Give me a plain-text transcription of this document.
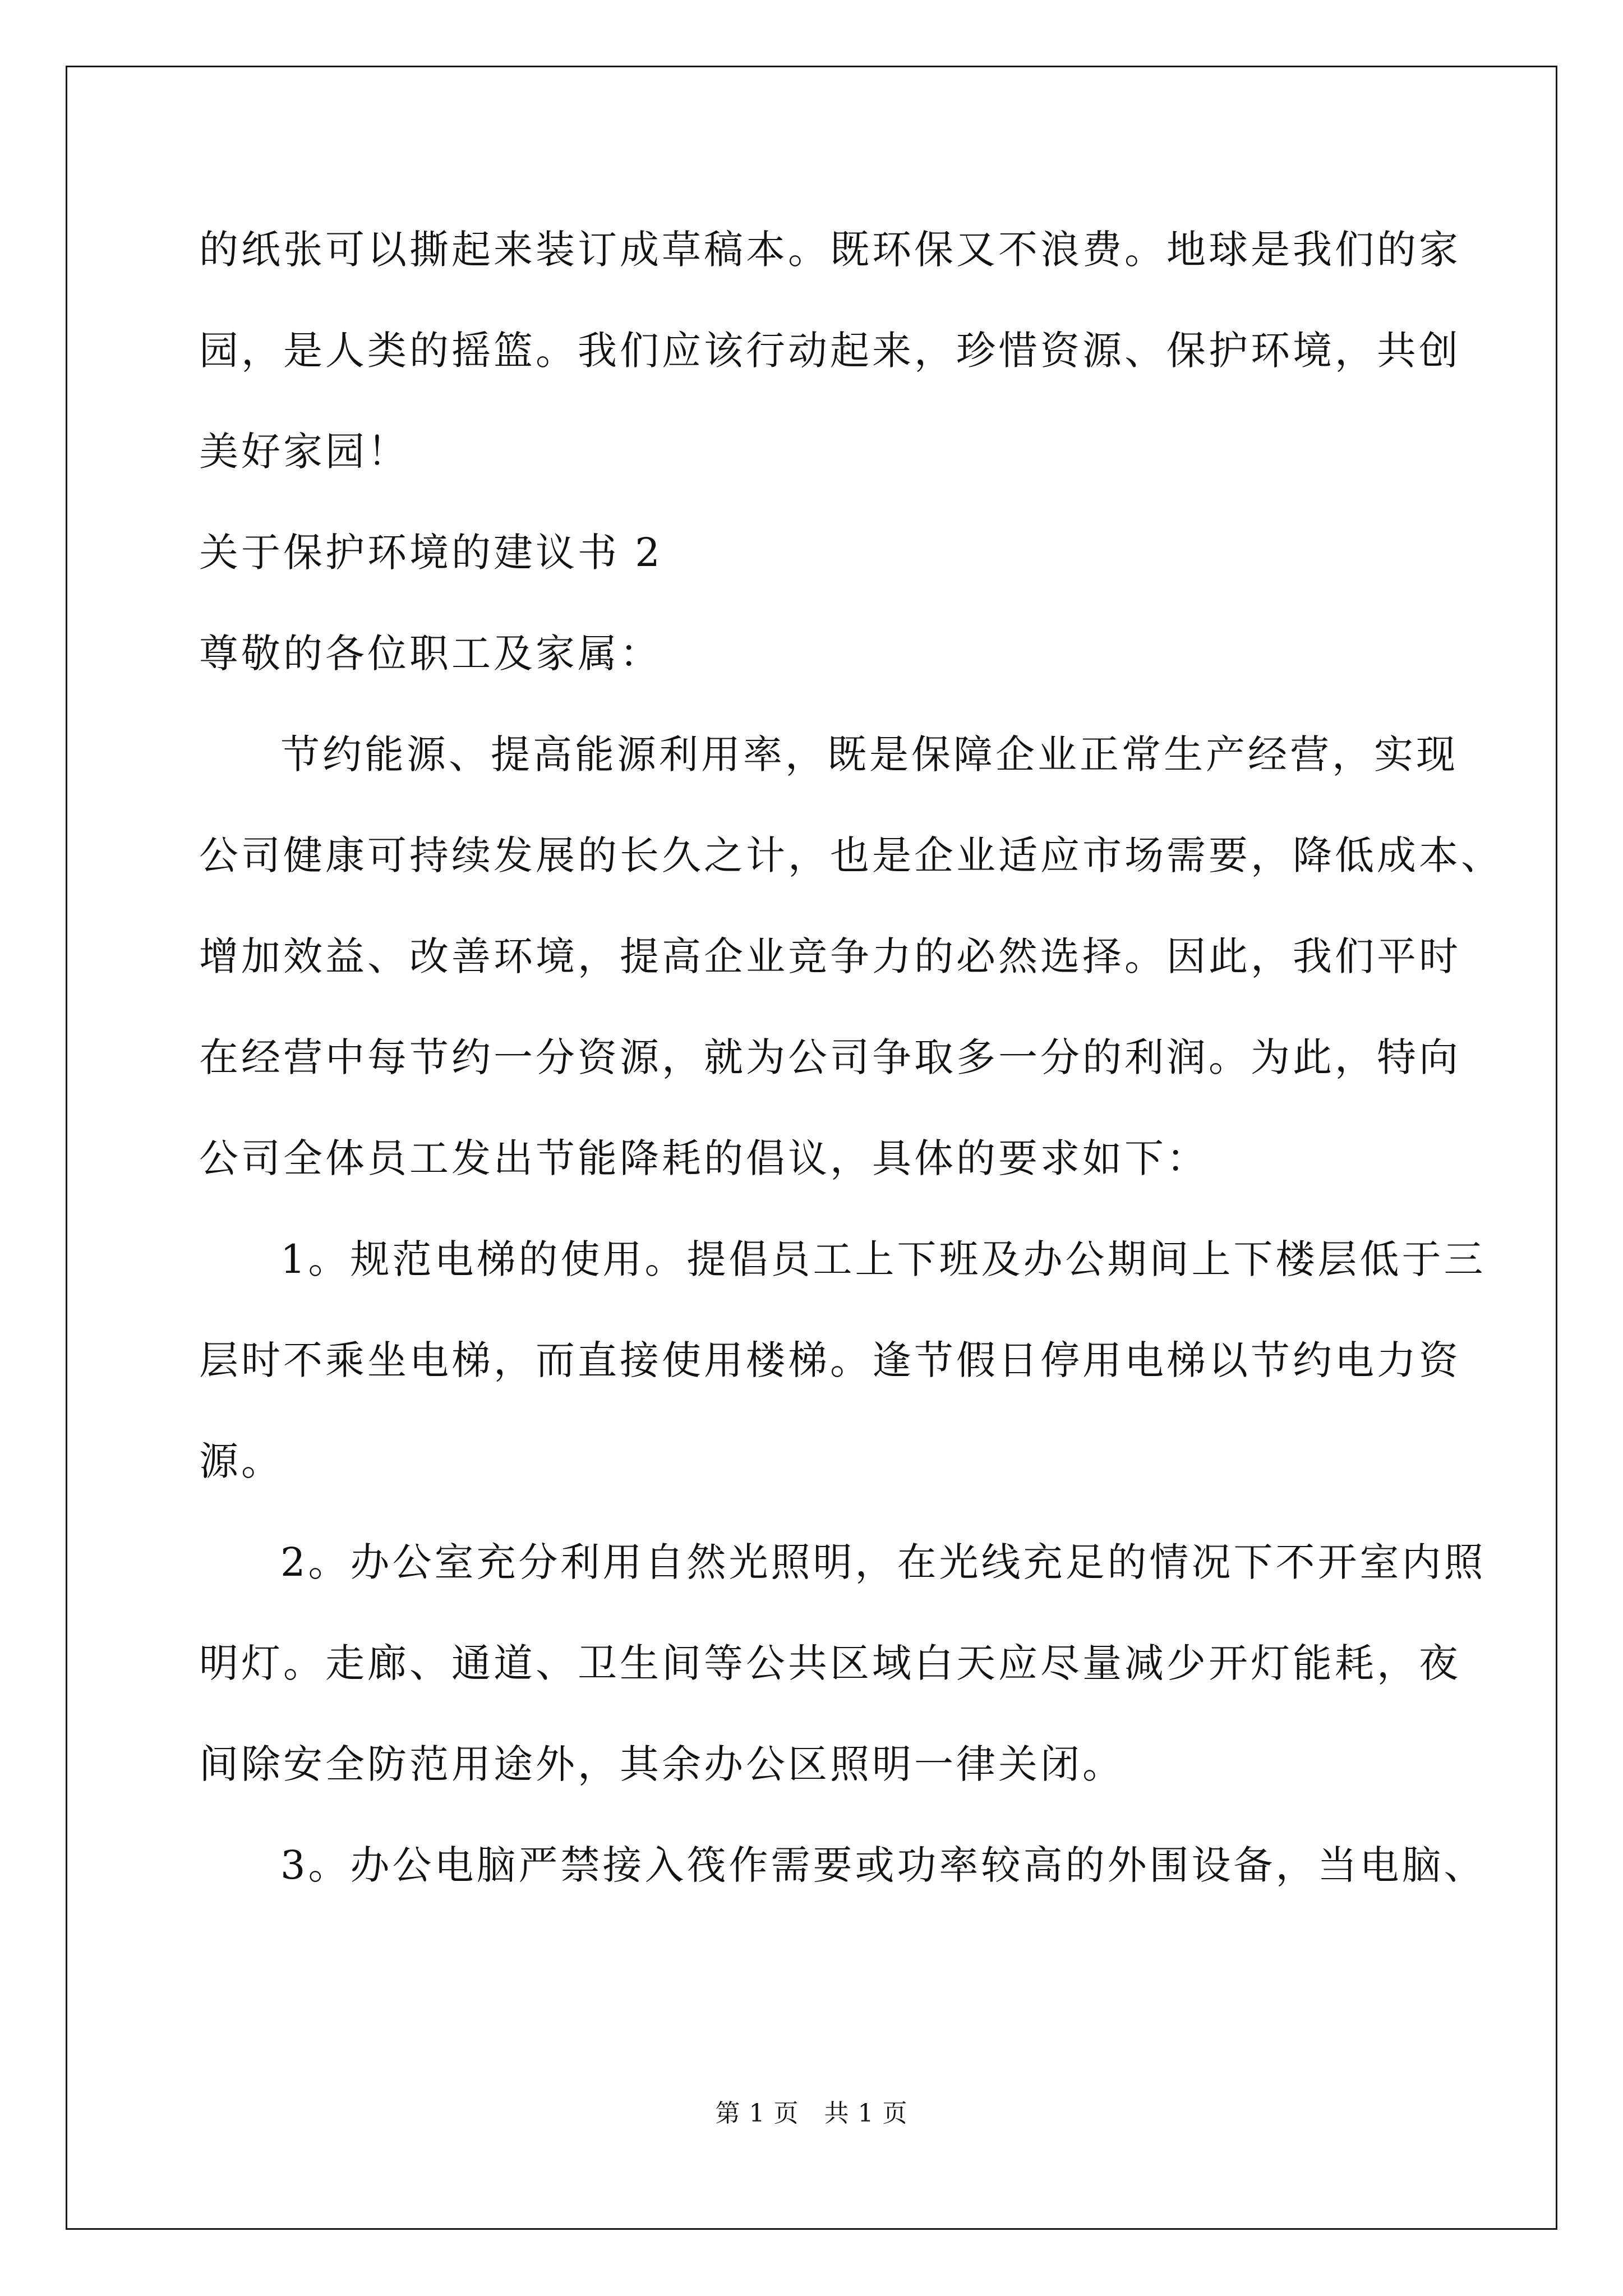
的纸张可以撕起来装订成草稿本。既环保又不浪费。地球是我们的家
园，是人类的摇篮。我们应该行动起来，珍惜资源、保护环境，共创
美好家园！
关于保护环境的建议书 2
尊敬的各位职工及家属：
节约能源、提高能源利用率，既是保障企业正常生产经营，实现
公司健康可持续发展的长久之计，也是企业适应市场需要，降低成本、
增加效益、改善环境，提高企业竞争力的必然选择。因此，我们平时
在经营中每节约一分资源，就为公司争取多一分的利润。为此，特向
公司全体员工发出节能降耗的倡议，具体的要求如下：
1。规范电梯的使用。提倡员工上下班及办公期间上下楼层低于三
层时不乘坐电梯，而直接使用楼梯。逢节假日停用电梯以节约电力资
源。
2。办公室充分利用自然光照明，在光线充足的情况下不开室内照
明灯。走廊、通道、卫生间等公共区域白天应尽量减少开灯能耗，夜
间除安全防范用途外，其余办公区照明一律关闭。
3。办公电脑严禁接入筏作需要或功率较高的外围设备，当电脑、
第 1 页　共 1 页
